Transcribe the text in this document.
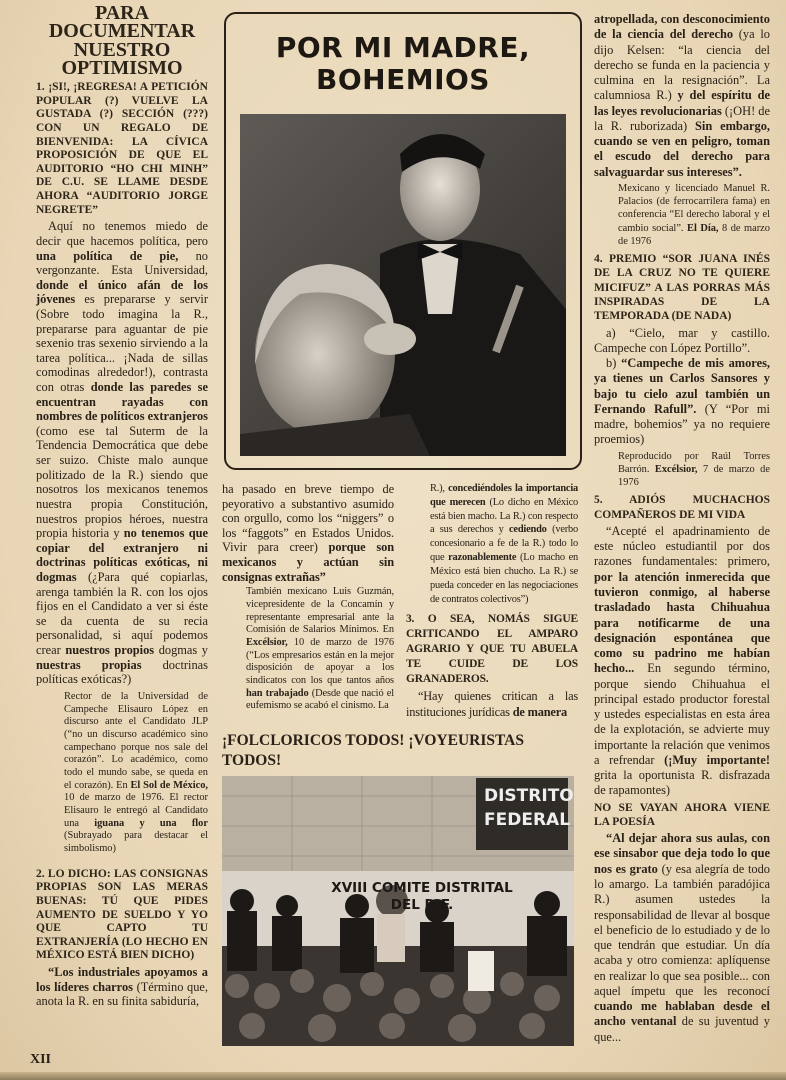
PARA DOCUMENTAR NUESTRO OPTIMISMO
1. ¡SI!, ¡REGRESA! A PETICIÓN POPULAR (?) VUELVE LA GUSTADA (?) SECCIÓN (???) CON UN REGALO DE BIENVENIDA: LA CÍVICA PROPOSICIÓN DE QUE EL AUDITORIO “HO CHI MINH” DE C.U. SE LLAME DESDE AHORA “AUDITORIO JORGE NEGRETE”

Aquí no tenemos miedo de decir que hacemos política, pero una política de pie, no vergonzante. Esta Universidad, donde el único afán de los jóvenes es prepararse y servir (Sobre todo imagina la R., prepararse para aguantar de pie sexenio tras sexenio sirviendo a la tarea política... ¡Nada de sillas comodinas alrededor!), contrasta con otras donde las paredes se encuentran rayadas con nombres de políticos extranjeros (como ese tal Suterm de la Tendencia Democrática que debe ser suizo. Chiste malo aunque politizado de la R.) siendo que nosotros los mexicanos tenemos nuestra propia Constitución, nuestros propios héroes, nuestra propia historia y no tenemos que copiar del extranjero ni doctrinas políticas exóticas, ni dogmas (¿Para qué copiarlas, arenga también la R. con los ojos fijos en el Candidato a ver si éste se da cuenta de su recia personalidad, si aquí podemos crear nuestros propios dogmas y nuestras propias doctrinas políticas exóticas?)

Rector de la Universidad de Campeche Elisauro López en discurso ante el Candidato JLP (“no un discurso académico sino campechano porque nos sale del corazón”. Lo académico, como todo el mundo sabe, se queda en el corazón). En El Sol de México, 10 de marzo de 1976. El rector Elisauro le entregó al Candidato una iguana y una flor (Subrayado para destacar el simbolismo)

2. LO DICHO: LAS CONSIGNAS PROPIAS SON LAS MERAS BUENAS: TÚ QUE PIDES AUMENTO DE SUELDO Y YO QUE CAPTO TU EXTRANJERÍA (LO HECHO EN MÉXICO ESTÁ BIEN DICHO)

“Los industriales apoyamos a los líderes charros (Término que, anota la R. en su finita sabiduría,

XII
POR MI MADRE, BOHEMIOS

ha pasado en breve tiempo de peyorativo a substantivo asumido con orgullo, como los “niggers” o los “faggots” en Estados Unidos. Vivir para creer) porque son mexicanos y actúan sin consignas extrañas”

También mexicano Luis Guzmán, vicepresidente de la Concamín y representante empresarial ante la Comisión de Salarios Mínimos. En Excélsior, 10 de marzo de 1976 (“Los empresarios están en la mejor disposición de apoyar a los sindicatos con los que tantos años han trabajado (Desde que nació el eufemismo se acabó el cinismo. La

R.), concediéndoles la importancia que merecen (Lo dicho en México está bien macho. La R.) con respecto a sus derechos y cediendo (verbo concesionario a fe de la R.) todo lo que razonablemente (Lo macho en México está bien chucho. La R.) se pueda conceder en las negociaciones de contratos colectivos”)

3. O SEA, NOMÁS SIGUE CRITICANDO EL AMPARO AGRARIO Y QUE TU ABUELA TE CUIDE DE LOS GRANADEROS.

“Hay quienes critican a las instituciones jurídicas de manera

¡FOLCLORICOS TODOS! ¡VOYEURISTAS TODOS!
DISTRITO FEDERAL
XVIII COMITE DISTRITAL DEL D.F.

atropellada, con desconocimiento de la ciencia del derecho (ya lo dijo Kelsen: “la ciencia del derecho se funda en la paciencia y culmina en la resignación”. La calumniosa R.) y del espíritu de las leyes revolucionarias (¡OH! de la R. ruborizada) Sin embargo, cuando se ven en peligro, toman el escudo del derecho para salvaguardar sus intereses”.

Mexicano y licenciado Manuel R. Palacios (de ferrocarrilera fama) en conferencia “El derecho laboral y el cambio social”. El Día, 8 de marzo de 1976

4. PREMIO “SOR JUANA INÉS DE LA CRUZ NO TE QUIERE MICIFUZ” A LAS PORRAS MÁS INSPIRADAS DE LA TEMPORADA (DE NADA)

a) “Cielo, mar y castillo. Campeche con López Portillo”.

b) “Campeche de mis amores, ya tienes un Carlos Sansores y bajo tu cielo azul también un Fernando Rafull”. (Y “Por mi madre, bohemios” ya no requiere proemios)

Reproducido por Raúl Torres Barrón. Excélsior, 7 de marzo de 1976

5. ADIÓS MUCHACHOS COMPAÑEROS DE MI VIDA

“Acepté el apadrinamiento de este núcleo estudiantil por dos razones fundamentales: primero, por la atención inmerecida que tuvieron conmigo, al haberse trasladado hasta Chihuahua para notificarme de una designación espontánea que como su padrino me habían hecho... En segundo término, porque siendo Chihuahua el principal estado productor forestal y ustedes especialistas en esta área de la explotación, se advierte muy importante la relación que venimos a refrendar (¡Muy importante! grita la oportunista R. disfrazada de rapamontes)

NO SE VAYAN AHORA VIENE LA POESÍA

“Al dejar ahora sus aulas, con ese sinsabor que deja todo lo que nos es grato (y esa alegría de todo lo amargo. La también paradójica R.) asumen ustedes la responsabilidad de llevar al bosque el beneficio de lo estudiado y de lo que tendrán que estudiar. Un día acaba y otro comienza: aplíquense en realizar lo que sea posible... con aquel ímpetu que les reconocí cuando me hablaban desde el ancho ventanal de su juventud y que...
